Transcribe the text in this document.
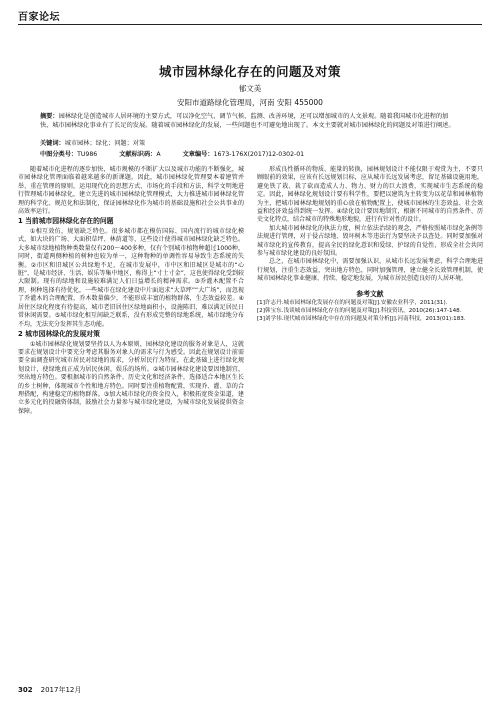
百家论坛
城市园林绿化存在的问题及对策
郁文美
安阳市道路绿化管理局，河南 安阳 455000
摘要：园林绿化是创造城市人居环境的主要方式，可以净化空气、调节气候、监测、改善环境，还可以增加城市的人文景观。随着我国城市化进程的加快，城市园林绿化事业有了长足的发展。随着城市园林绿化的发展，一些问题也不可避免地出现了。本文主要就对城市园林绿化的问题及对策进行阐述。
关键词：城市园林；绿化；问题；对策
中图分类号：TU986	文献标识码：A	文章编号：1673-176X(2017)12-0302-01

随着城市化进程的逐步加快，城市规模的不断扩大以及城市功能的不断强化，城市园林绿化管理面临着越来越多的新课题。因此，城市园林绿化管理要本着建管并举、重在管理的原则，运用现代化的思想方式、市场化的手段和方法，科学文明地进行管理城市园林绿化，建立先进的城市园林绿化管理模式，大力推进城市园林绿化管理的科学化、规范化和法制化，保证园林绿化作为城市的基础设施和社会公共事业的高效率运行。

1 当前城市园林绿化存在的问题

①相互效仿，规划缺乏特色。很多城市都在模仿国际、国内流行的城市绿化模式，如大块的广场、大面积草坪、林荫道等，这些设计使得城市园林绿化缺乏特色。大多城市绿地植物种类数量仅有200～400多种，仅有个别城市植物种超过1000种，同时，街道两侧种植的树种也较为单一，这种物种的单调性容易导致生态系统的失衡。②市区和旧城区公共绿地不足，在城市发展中，市中区和旧城区是城市的“心脏”，是城市经济、生活、娱乐等集中地区，称得上“寸土寸金”，这也使得绿化受到较大限制。现有的绿地和设施较难满足人们日益增长的精神需求。③乔灌木配置不合理，树种选择有待优化，一些城市在绿化建设中片面追求“大草坪”“大广场”，而忽视了乔灌木的合理配置，乔木数量偏少，不能形成丰富的植物群落，生态效益较差。④居住区绿化程度有待提高，城市老旧居住区绿地面积小，设施陈旧，难以满足居民日常休闲需要。⑤城市绿化相互间缺乏联系，没有形成完整的绿地系统，城市绿地分布不均，无法充分发挥其生态功能。

2 城市园林绿化的发展对策

①城市园林绿化规划要坚持以人为本原则，园林绿化建设的服务对象是人，这就要求在规划设计中要充分考虑其服务对象人的需求与行为感受。因此在规划设计前需要全面调查研究城市居民对绿地的需求，分析居民行为特征，在此基础上进行绿化规划设计，使绿地真正成为居民休闲、娱乐的场所。②城市园林绿化建设要因地制宜，突出地方特色。要根据城市的自然条件、历史文化和经济条件，选择适合本地区生长的乡土树种，体现城市个性和地方特色。同时要注重植物配置，实现乔、灌、草的合理搭配，构建稳定的植物群落。③加大城市绿化的资金投入，积极拓宽资金渠道，建立多元化的投融资体制，鼓励社会力量参与城市绿化建设，为城市绿化发展提供资金保障。

形成良性循环的物质、能量的转换，园林规划设计不能仅限于观赏为主，不要只顾眼前的效果，应该有长远规划目标，应从城市长远发展考虑，留足基础设施用地，避免铁了栽、栽了砍而造成人力、物力、财力的巨大浪费，实现城市生态系统的稳定。因此，园林绿化规划设计要有科学性，要把以建筑为主转变为以花草和园林植物为主，把城市园林绿地规划的重心放在植物配置上，使城市园林的生态效益、社会效益和经济效益得到统一发挥。④绿化设计要因地制宜，根据不同城市的自然条件、历史文化特点，结合城市的特殊地形地貌，进行有针对性的设计。

加大城市园林绿化的执法力度，树立依法治绿的观念，严格按照城市绿化条例等法规进行管理，对于侵占绿地、毁坏树木等违法行为要坚决予以查处。同时要加强对城市绿化的宣传教育，提高全民的绿化意识和爱绿、护绿的自觉性，形成全社会共同参与城市绿化建设的良好氛围。

总之，在城市园林绿化中，需要加强认识，从城市长远发展考虑，科学合理地进行规划，注重生态效益，突出地方特色，同时加强管理，建立健全长效管理机制，使城市园林绿化事业健康、持续、稳定地发展，为城市居民创造良好的人居环境。

参考文献

[1]许志丹.城市园林绿化发展存在的问题及对策[J].安徽农业科学，2011(31).

[2]韩宝东.浅谈城市园林绿化存在的问题及对策[J].科技资讯，2010(26):147-148.

[3]刘学伟.现代城市园林绿化中存在的问题及对策分析[J].河南科技，2013(01):183.

302 2017年12月
